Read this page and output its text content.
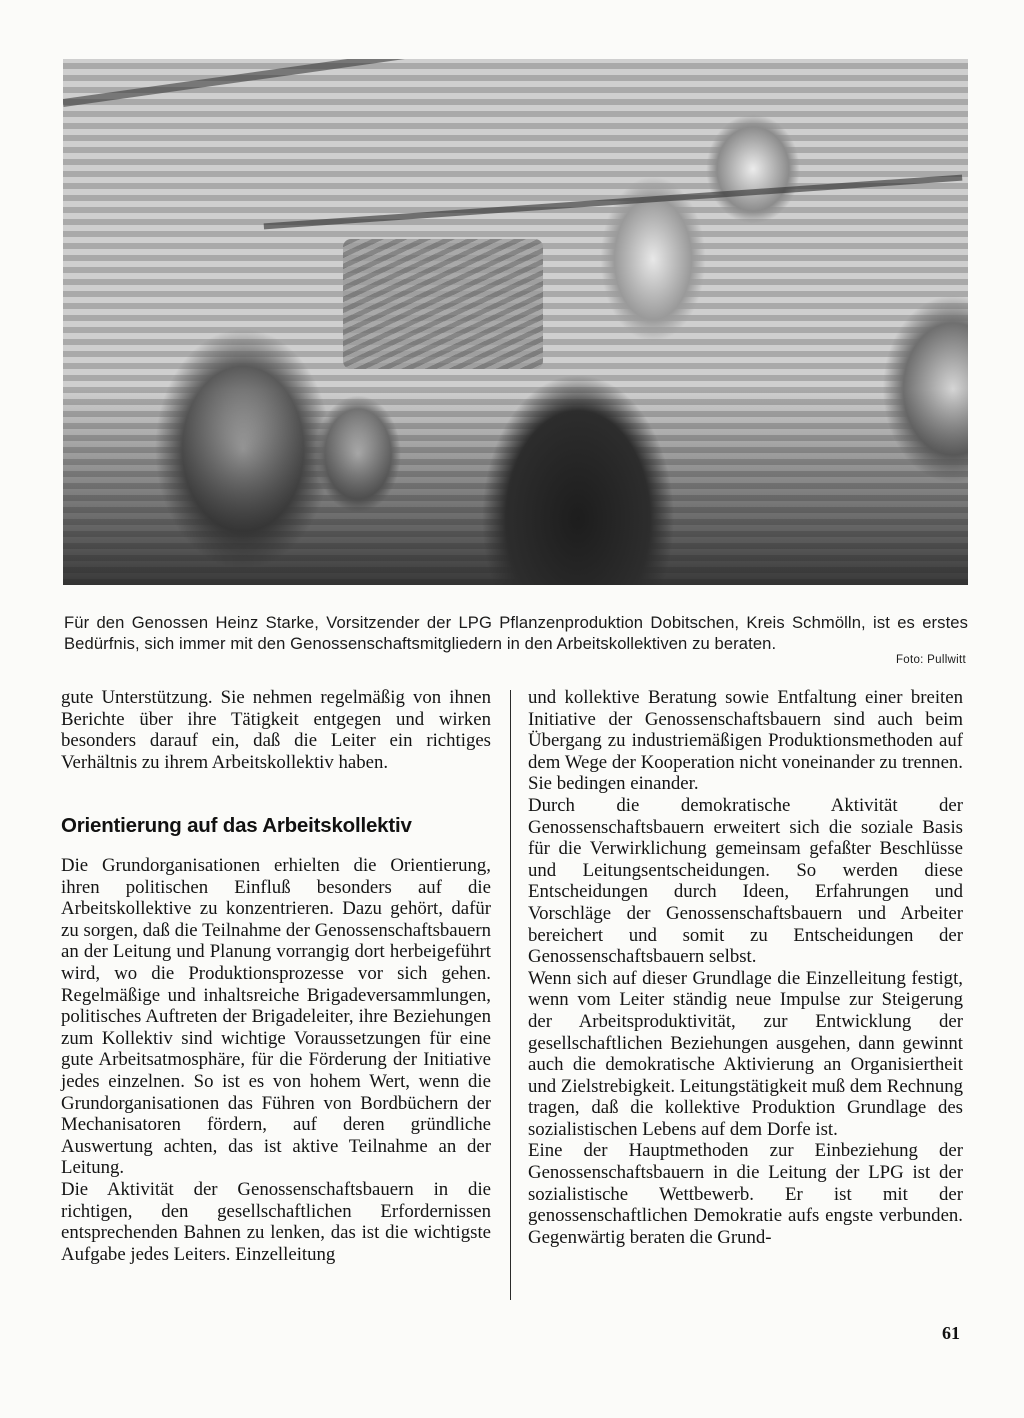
Für den Genossen Heinz Starke, Vorsitzender der LPG Pflanzenproduktion Dobitschen, Kreis Schmölln, ist es erstes Bedürfnis, sich immer mit den Genossenschaftsmitgliedern in den Arbeitskollektiven zu beraten.
Foto: Pullwitt

gute Unterstützung. Sie nehmen regelmäßig von ihnen Berichte über ihre Tätigkeit entgegen und wirken besonders darauf ein, daß die Leiter ein richtiges Verhältnis zu ihrem Arbeitskollektiv haben.

Orientierung auf das Arbeitskollektiv

Die Grundorganisationen erhielten die Orientierung, ihren politischen Einfluß besonders auf die Arbeitskollektive zu konzentrieren. Dazu gehört, dafür zu sorgen, daß die Teilnahme der Genossenschaftsbauern an der Leitung und Planung vorrangig dort herbeigeführt wird, wo die Produktionsprozesse vor sich gehen. Regelmäßige und inhaltsreiche Brigadeversammlungen, politisches Auftreten der Brigadeleiter, ihre Beziehungen zum Kollektiv sind wichtige Voraussetzungen für eine gute Arbeitsatmosphäre, für die Förderung der Initiative jedes einzelnen. So ist es von hohem Wert, wenn die Grundorganisationen das Führen von Bordbüchern der Mechanisatoren fördern, auf deren gründliche Auswertung achten, das ist aktive Teilnahme an der Leitung.

Die Aktivität der Genossenschaftsbauern in die richtigen, den gesellschaftlichen Erfordernissen entsprechenden Bahnen zu lenken, das ist die wichtigste Aufgabe jedes Leiters. Einzelleitung

und kollektive Beratung sowie Entfaltung einer breiten Initiative der Genossenschaftsbauern sind auch beim Übergang zu industriemäßigen Produktionsmethoden auf dem Wege der Kooperation nicht voneinander zu trennen. Sie bedingen einander.

Durch die demokratische Aktivität der Genossenschaftsbauern erweitert sich die soziale Basis für die Verwirklichung gemeinsam gefaßter Beschlüsse und Leitungsentscheidungen. So werden diese Entscheidungen durch Ideen, Erfahrungen und Vorschläge der Genossenschaftsbauern und Arbeiter bereichert und somit zu Entscheidungen der Genossenschaftsbauern selbst.

Wenn sich auf dieser Grundlage die Einzelleitung festigt, wenn vom Leiter ständig neue Impulse zur Steigerung der Arbeitsproduktivität, zur Entwicklung der gesellschaftlichen Beziehungen ausgehen, dann gewinnt auch die demokratische Aktivierung an Organisiertheit und Zielstrebigkeit. Leitungstätigkeit muß dem Rechnung tragen, daß die kollektive Produktion Grundlage des sozialistischen Lebens auf dem Dorfe ist.

Eine der Hauptmethoden zur Einbeziehung der Genossenschaftsbauern in die Leitung der LPG ist der sozialistische Wettbewerb. Er ist mit der genossenschaftlichen Demokratie aufs engste verbunden. Gegenwärtig beraten die Grund-

61
